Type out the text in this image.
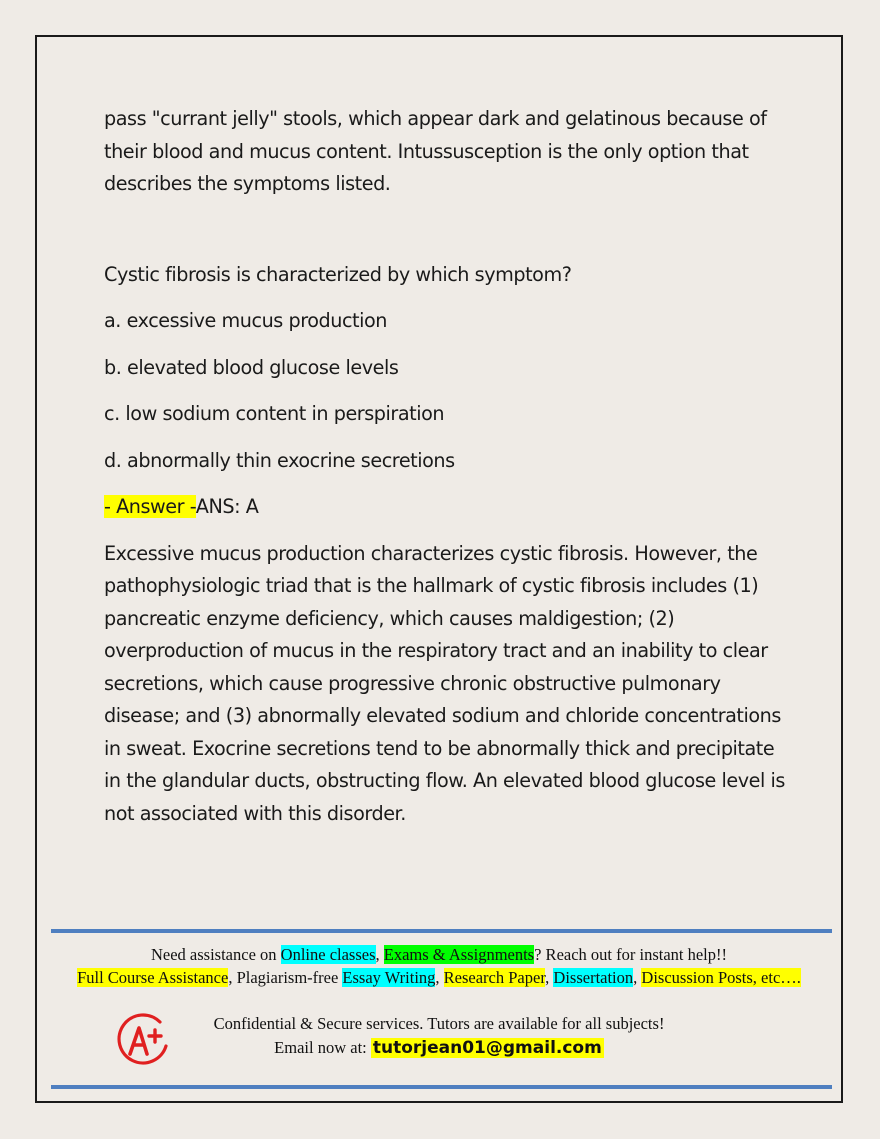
pass "currant jelly" stools, which appear dark and gelatinous because of their blood and mucus content. Intussusception is the only option that describes the symptoms listed.

Cystic fibrosis is characterized by which symptom?

a. excessive mucus production

b. elevated blood glucose levels

c. low sodium content in perspiration

d. abnormally thin exocrine secretions

- Answer -ANS: A

Excessive mucus production characterizes cystic fibrosis. However, the pathophysiologic triad that is the hallmark of cystic fibrosis includes (1) pancreatic enzyme deficiency, which causes maldigestion; (2) overproduction of mucus in the respiratory tract and an inability to clear secretions, which cause progressive chronic obstructive pulmonary disease; and (3) abnormally elevated sodium and chloride concentrations in sweat. Exocrine secretions tend to be abnormally thick and precipitate in the glandular ducts, obstructing flow. An elevated blood glucose level is not associated with this disorder.

Need assistance on Online classes, Exams & Assignments? Reach out for instant help!!
Full Course Assistance, Plagiarism-free Essay Writing, Research Paper, Dissertation, Discussion Posts, etc….
Confidential & Secure services. Tutors are available for all subjects!
Email now at: tutorjean01@gmail.com
